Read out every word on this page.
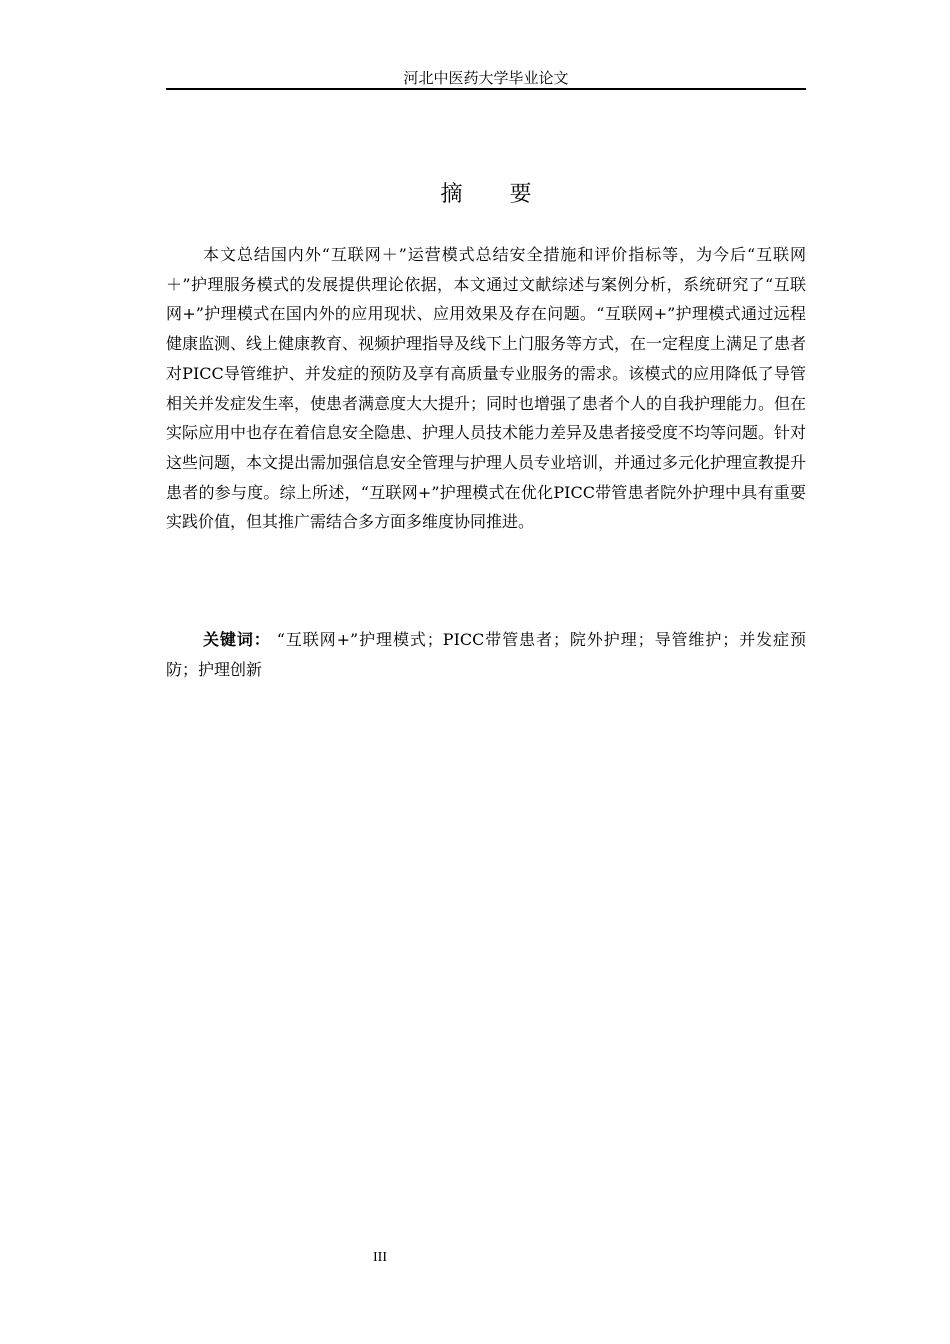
河北中医药大学毕业论文
摘 要

本文总结国内外“互联网＋”运营模式总结安全措施和评价指标等，为今后“互联网＋”护理服务模式的发展提供理论依据，本文通过文献综述与案例分析，系统研究了“互联网+”护理模式在国内外的应用现状、应用效果及存在问题。“互联网+”护理模式通过远程健康监测、线上健康教育、视频护理指导及线下上门服务等方式，在一定程度上满足了患者对PICC导管维护、并发症的预防及享有高质量专业服务的需求。该模式的应用降低了导管相关并发症发生率，使患者满意度大大提升；同时也增强了患者个人的自我护理能力。但在实际应用中也存在着信息安全隐患、护理人员技术能力差异及患者接受度不均等问题。针对这些问题，本文提出需加强信息安全管理与护理人员专业培训，并通过多元化护理宣教提升患者的参与度。综上所述，“互联网+”护理模式在优化PICC带管患者院外护理中具有重要实践价值，但其推广需结合多方面多维度协同推进。

关键词： “互联网+”护理模式；PICC带管患者；院外护理；导管维护；并发症预防；护理创新

III
